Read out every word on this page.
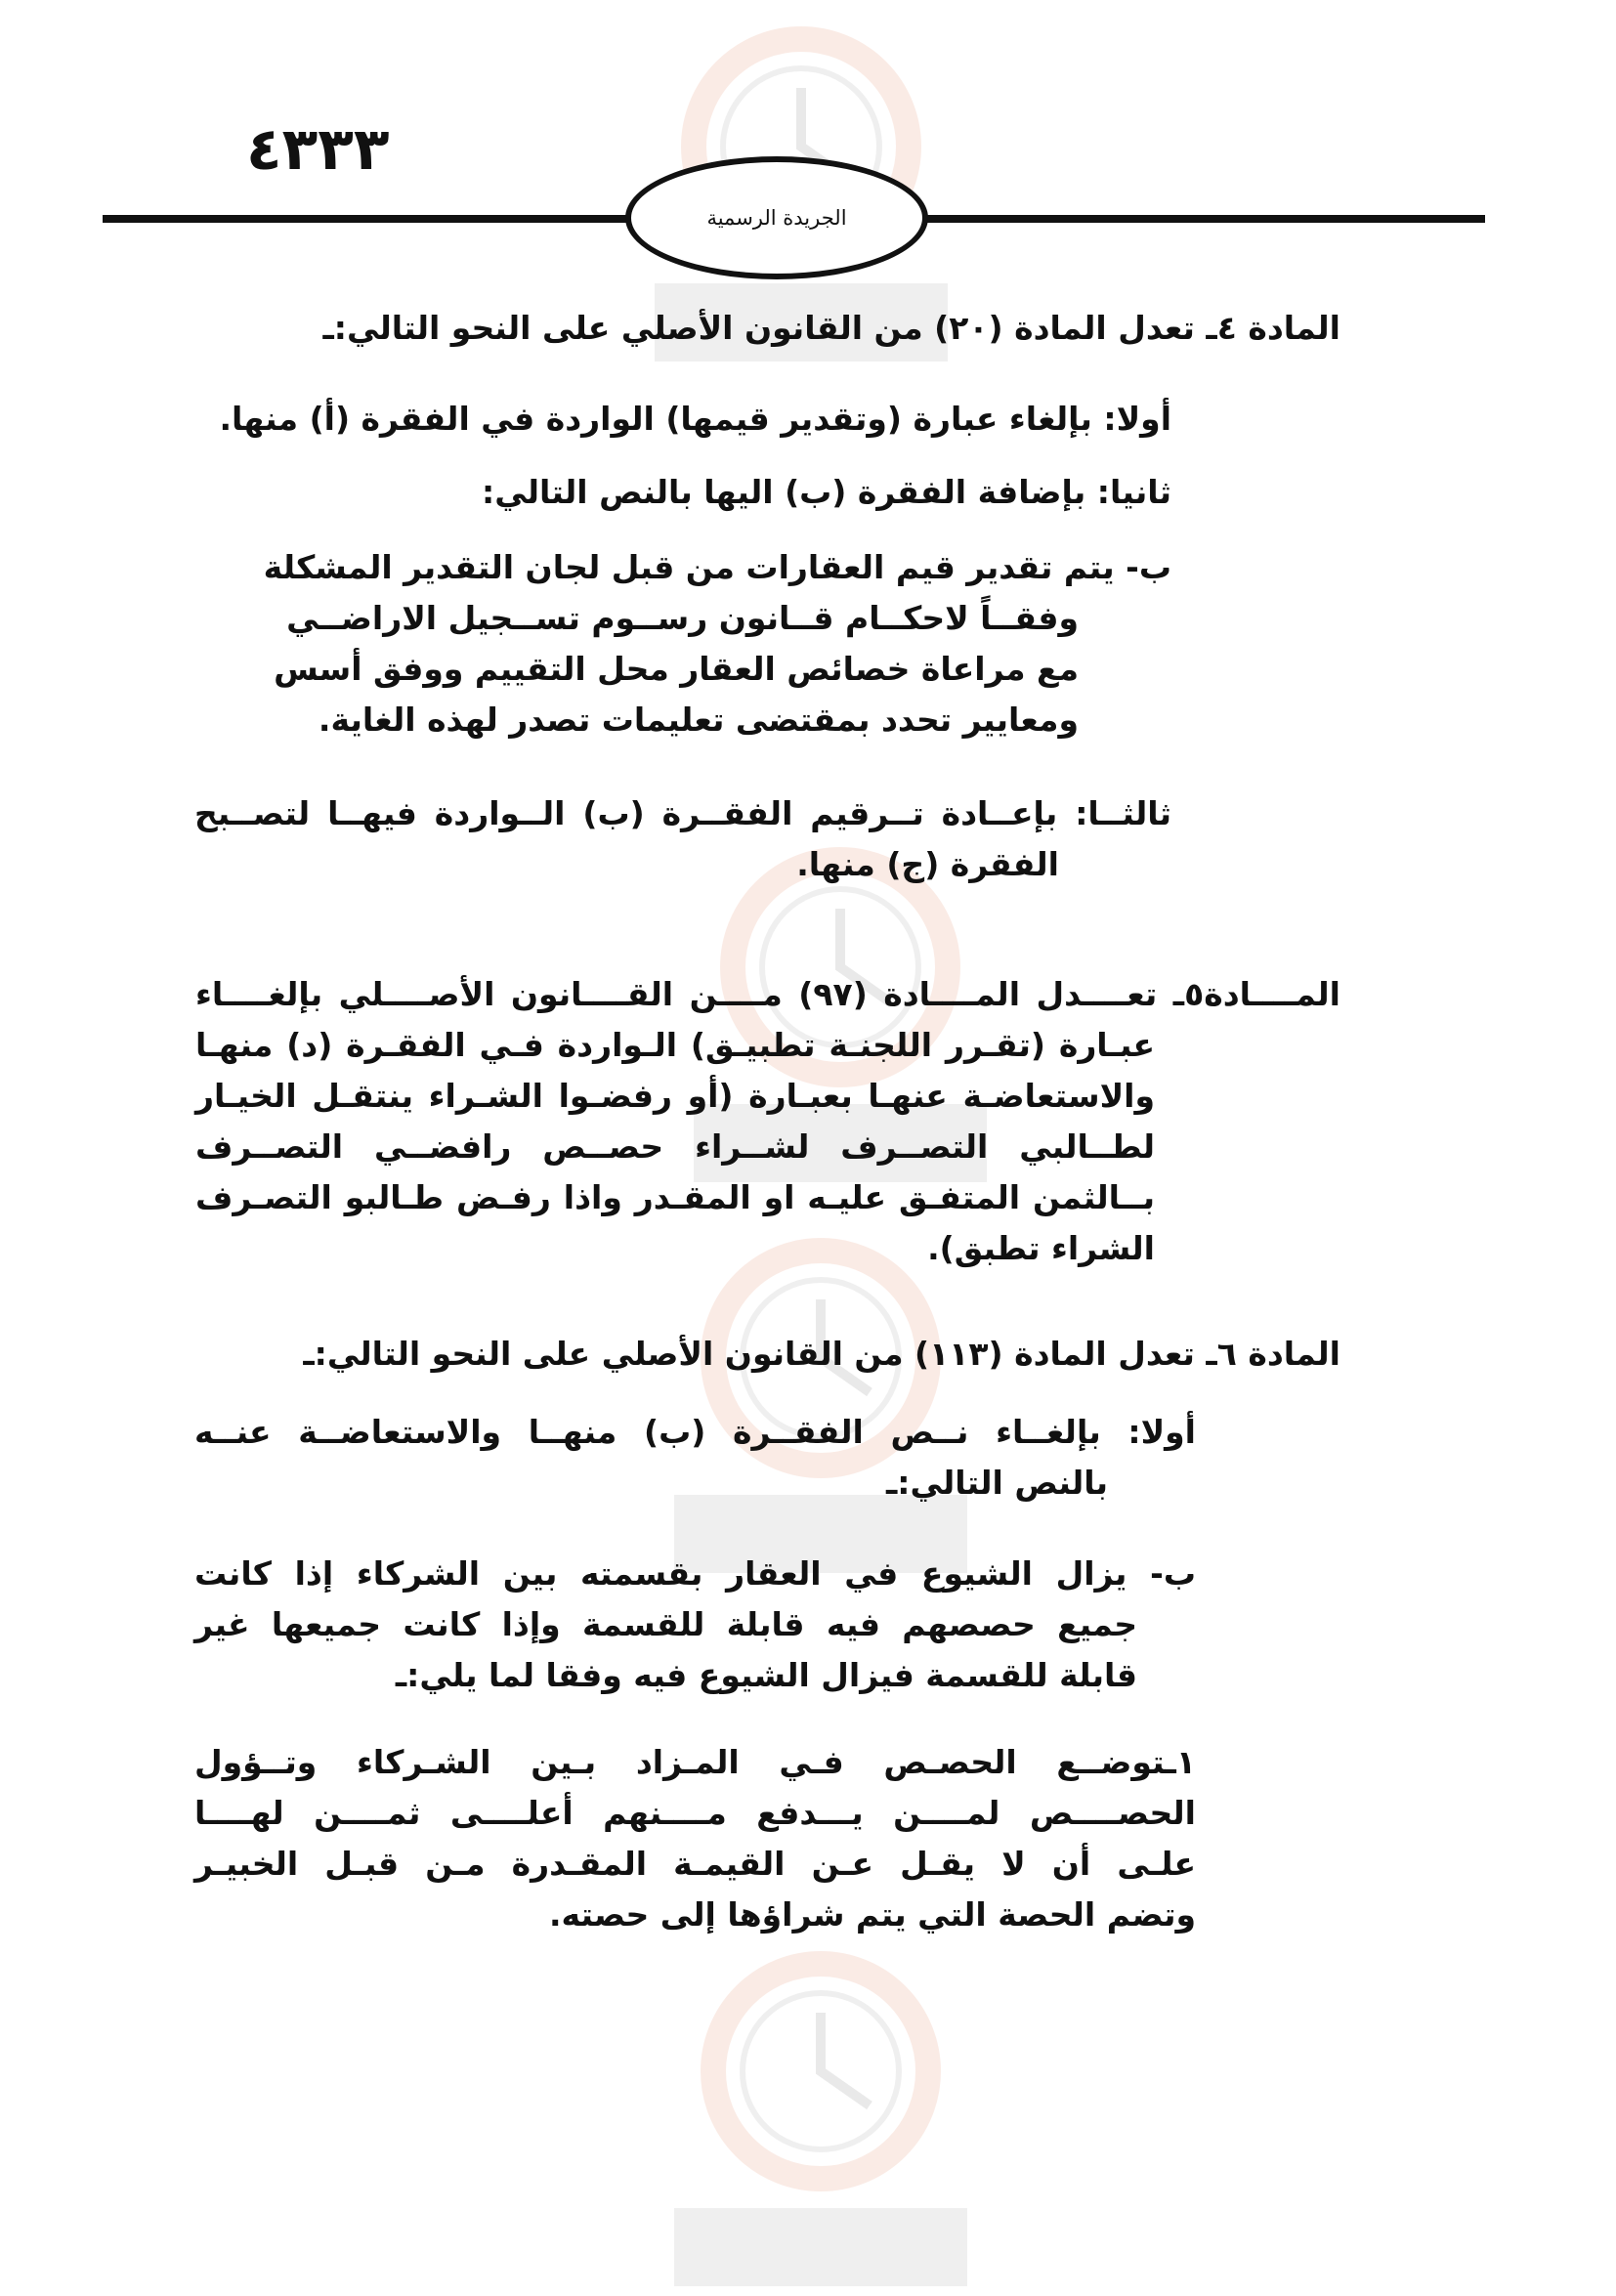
٤٣٣٣
الجريدة الرسمية
المادة ٤ـ تعدل المادة (٢٠) من القانون الأصلي على النحو التالي:ـ
أولا: بإلغاء عبارة (وتقدير قيمها) الواردة في الفقرة (أ) منها.
ثانيا: بإضافة الفقرة (ب) اليها بالنص التالي:
ب- يتم تقدير قيم العقارات من قبل لجان التقدير المشكلة
وفقــاً لاحكــام قــانون رســوم تســجيل الاراضــي
مع مراعاة خصائص العقار محل التقييم ووفق أسس
ومعايير تحدد بمقتضى تعليمات تصدر لهذه الغاية.
ثالثــا: بإعــادة تــرقيم الفقــرة (ب) الــواردة فيهــا لتصــبح
الفقرة (ج) منها.
المــــادة٥ـ تعــــدل المــــادة (٩٧) مــــن القــــانون الأصــــلي بإلغــــاء
عبـارة (تقـرر اللجنـة تطبيـق) الـواردة فـي الفقـرة (د) منهـا
والاستعاضـة عنهـا بعبـارة (أو رفضـوا الشـراء ينتقـل الخيـار
لطــالبي التصــرف لشــراء حصــص رافضــي التصــرف
بــالثمن المتفـق عليـه او المقـدر واذا رفـض طـالبو التصـرف
الشراء تطبق).
المادة ٦ـ تعدل المادة (١١٣) من القانون الأصلي على النحو التالي:ـ
أولا: بإلغــاء نــص الفقــرة (ب) منهــا والاستعاضــة عنــه
بالنص التالي:ـ
ب- يزال الشيوع في العقار بقسمته بين الشركاء إذا كانت
جميع حصصهم فيه قابلة للقسمة وإذا كانت جميعها غير
قابلة للقسمة فيزال الشيوع فيه وفقا لما يلي:ـ
١ـتوضــع الحصـص فـي المـزاد بـين الشـركاء وتــؤول
الحصــــص لمــــن يـــدفع مــــنهم أعلــــى ثمــــن لهــــا
علـى أن لا يقـل عـن القيمـة المقـدرة مـن قبـل الخبيـر
وتضم الحصة التي يتم شراؤها إلى حصته.
